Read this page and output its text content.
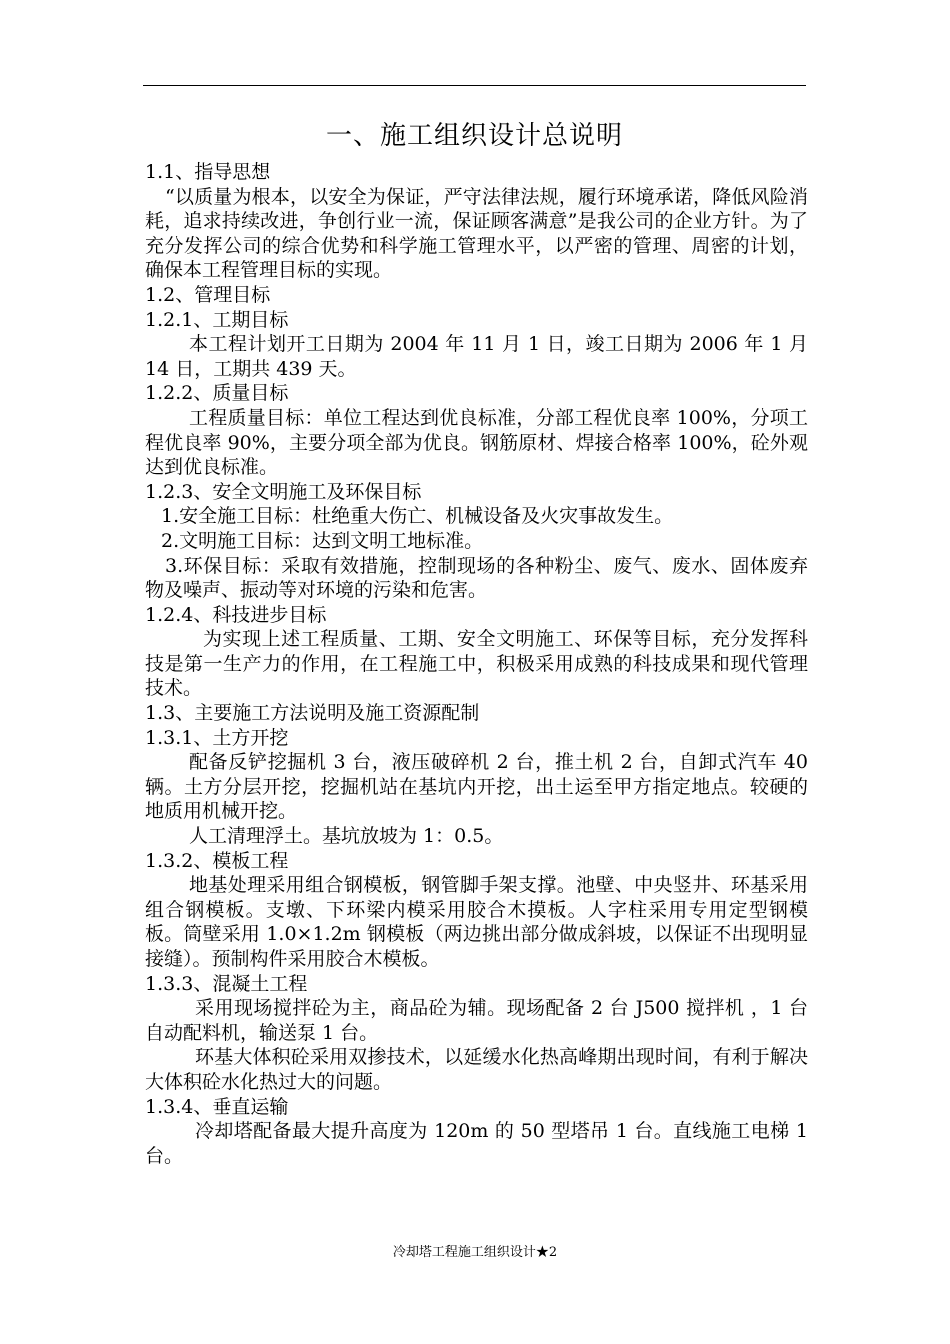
一、施工组织设计总说明

1.1、指导思想

“以质量为根本，以安全为保证，严守法律法规，履行环境承诺，降低风险消耗，追求持续改进，争创行业一流，保证顾客满意”是我公司的企业方针。为了充分发挥公司的综合优势和科学施工管理水平，以严密的管理、周密的计划，确保本工程管理目标的实现。

1.2、管理目标

1.2.1、工期目标

本工程计划开工日期为 2004 年 11 月 1 日，竣工日期为 2006 年 1 月 14 日，工期共 439 天。

1.2.2、质量目标

工程质量目标：单位工程达到优良标准，分部工程优良率 100%，分项工程优良率 90%，主要分项全部为优良。钢筋原材、焊接合格率 100%，砼外观达到优良标准。

1.2.3、安全文明施工及环保目标

1.安全施工目标：杜绝重大伤亡、机械设备及火灾事故发生。

2.文明施工目标：达到文明工地标准。

3.环保目标：采取有效措施，控制现场的各种粉尘、废气、废水、固体废弃物及噪声、振动等对环境的污染和危害。

1.2.4、科技进步目标

为实现上述工程质量、工期、安全文明施工、环保等目标，充分发挥科技是第一生产力的作用，在工程施工中，积极采用成熟的科技成果和现代管理技术。

1.3、主要施工方法说明及施工资源配制

1.3.1、土方开挖

配备反铲挖掘机 3 台，液压破碎机 2 台，推土机 2 台，自卸式汽车 40 辆。土方分层开挖，挖掘机站在基坑内开挖，出土运至甲方指定地点。较硬的地质用机械开挖。

人工清理浮土。基坑放坡为 1：0.5。

1.3.2、模板工程

地基处理采用组合钢模板，钢管脚手架支撑。池壁、中央竖井、环基采用组合钢模板。支墩、下环梁内模采用胶合木摸板。人字柱采用专用定型钢模板。筒壁采用 1.0×1.2m 钢模板（两边挑出部分做成斜坡，以保证不出现明显接缝）。预制构件采用胶合木模板。

1.3.3、混凝土工程

采用现场搅拌砼为主，商品砼为辅。现场配备 2 台 J500 搅拌机 ，1 台自动配料机，输送泵 1 台。

环基大体积砼采用双掺技术，以延缓水化热高峰期出现时间，有利于解决大体积砼水化热过大的问题。

1.3.4、垂直运输

冷却塔配备最大提升高度为 120m 的 50 型塔吊 1 台。直线施工电梯 1 台。

冷却塔工程施工组织设计★2
